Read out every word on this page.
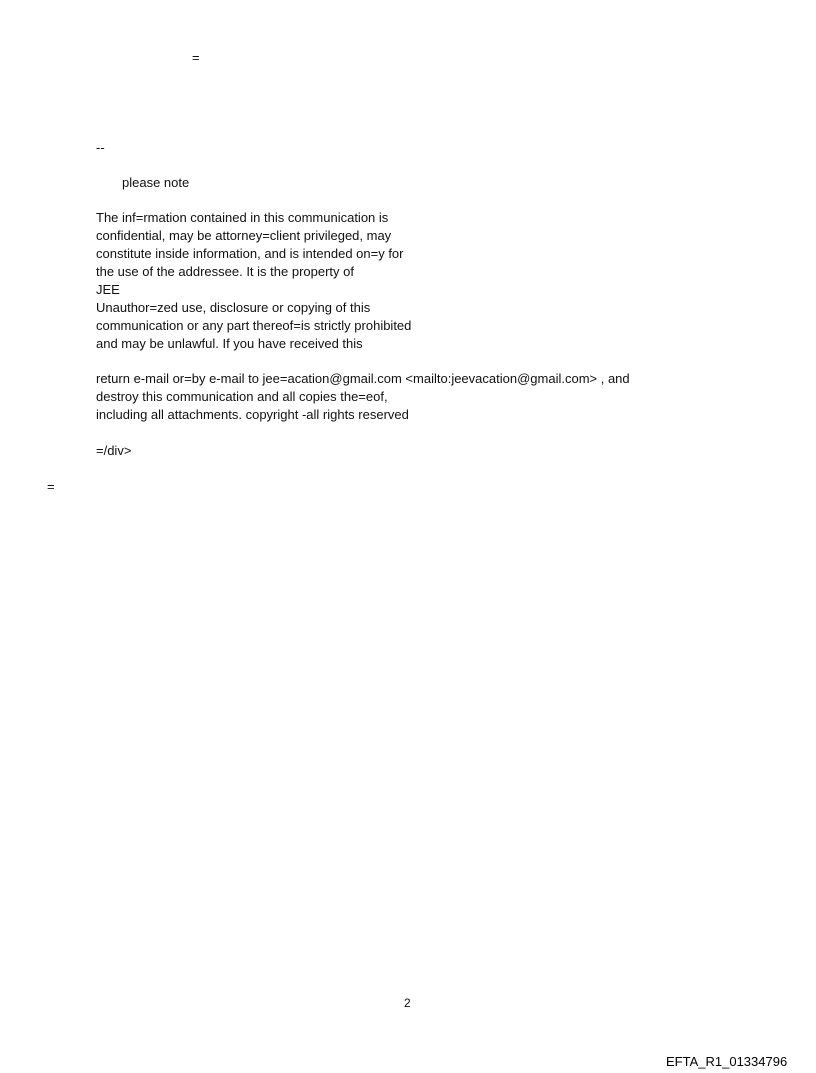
=
--
please note
The inf=rmation contained in this communication is
confidential, may be attorney=client privileged, may
constitute inside information, and is intended on=y for
the use of the addressee. It is the property of
JEE
Unauthor=zed use, disclosure or copying of this
communication or any part thereof=is strictly prohibited
and may be unlawful. If you have received this
return e-mail or=by e-mail to jee=acation@gmail.com <mailto:jeevacation@gmail.com> , and
destroy this communication and all copies the=eof,
including all attachments. copyright -all rights reserved
=/div>
=
2
EFTA_R1_01334796
